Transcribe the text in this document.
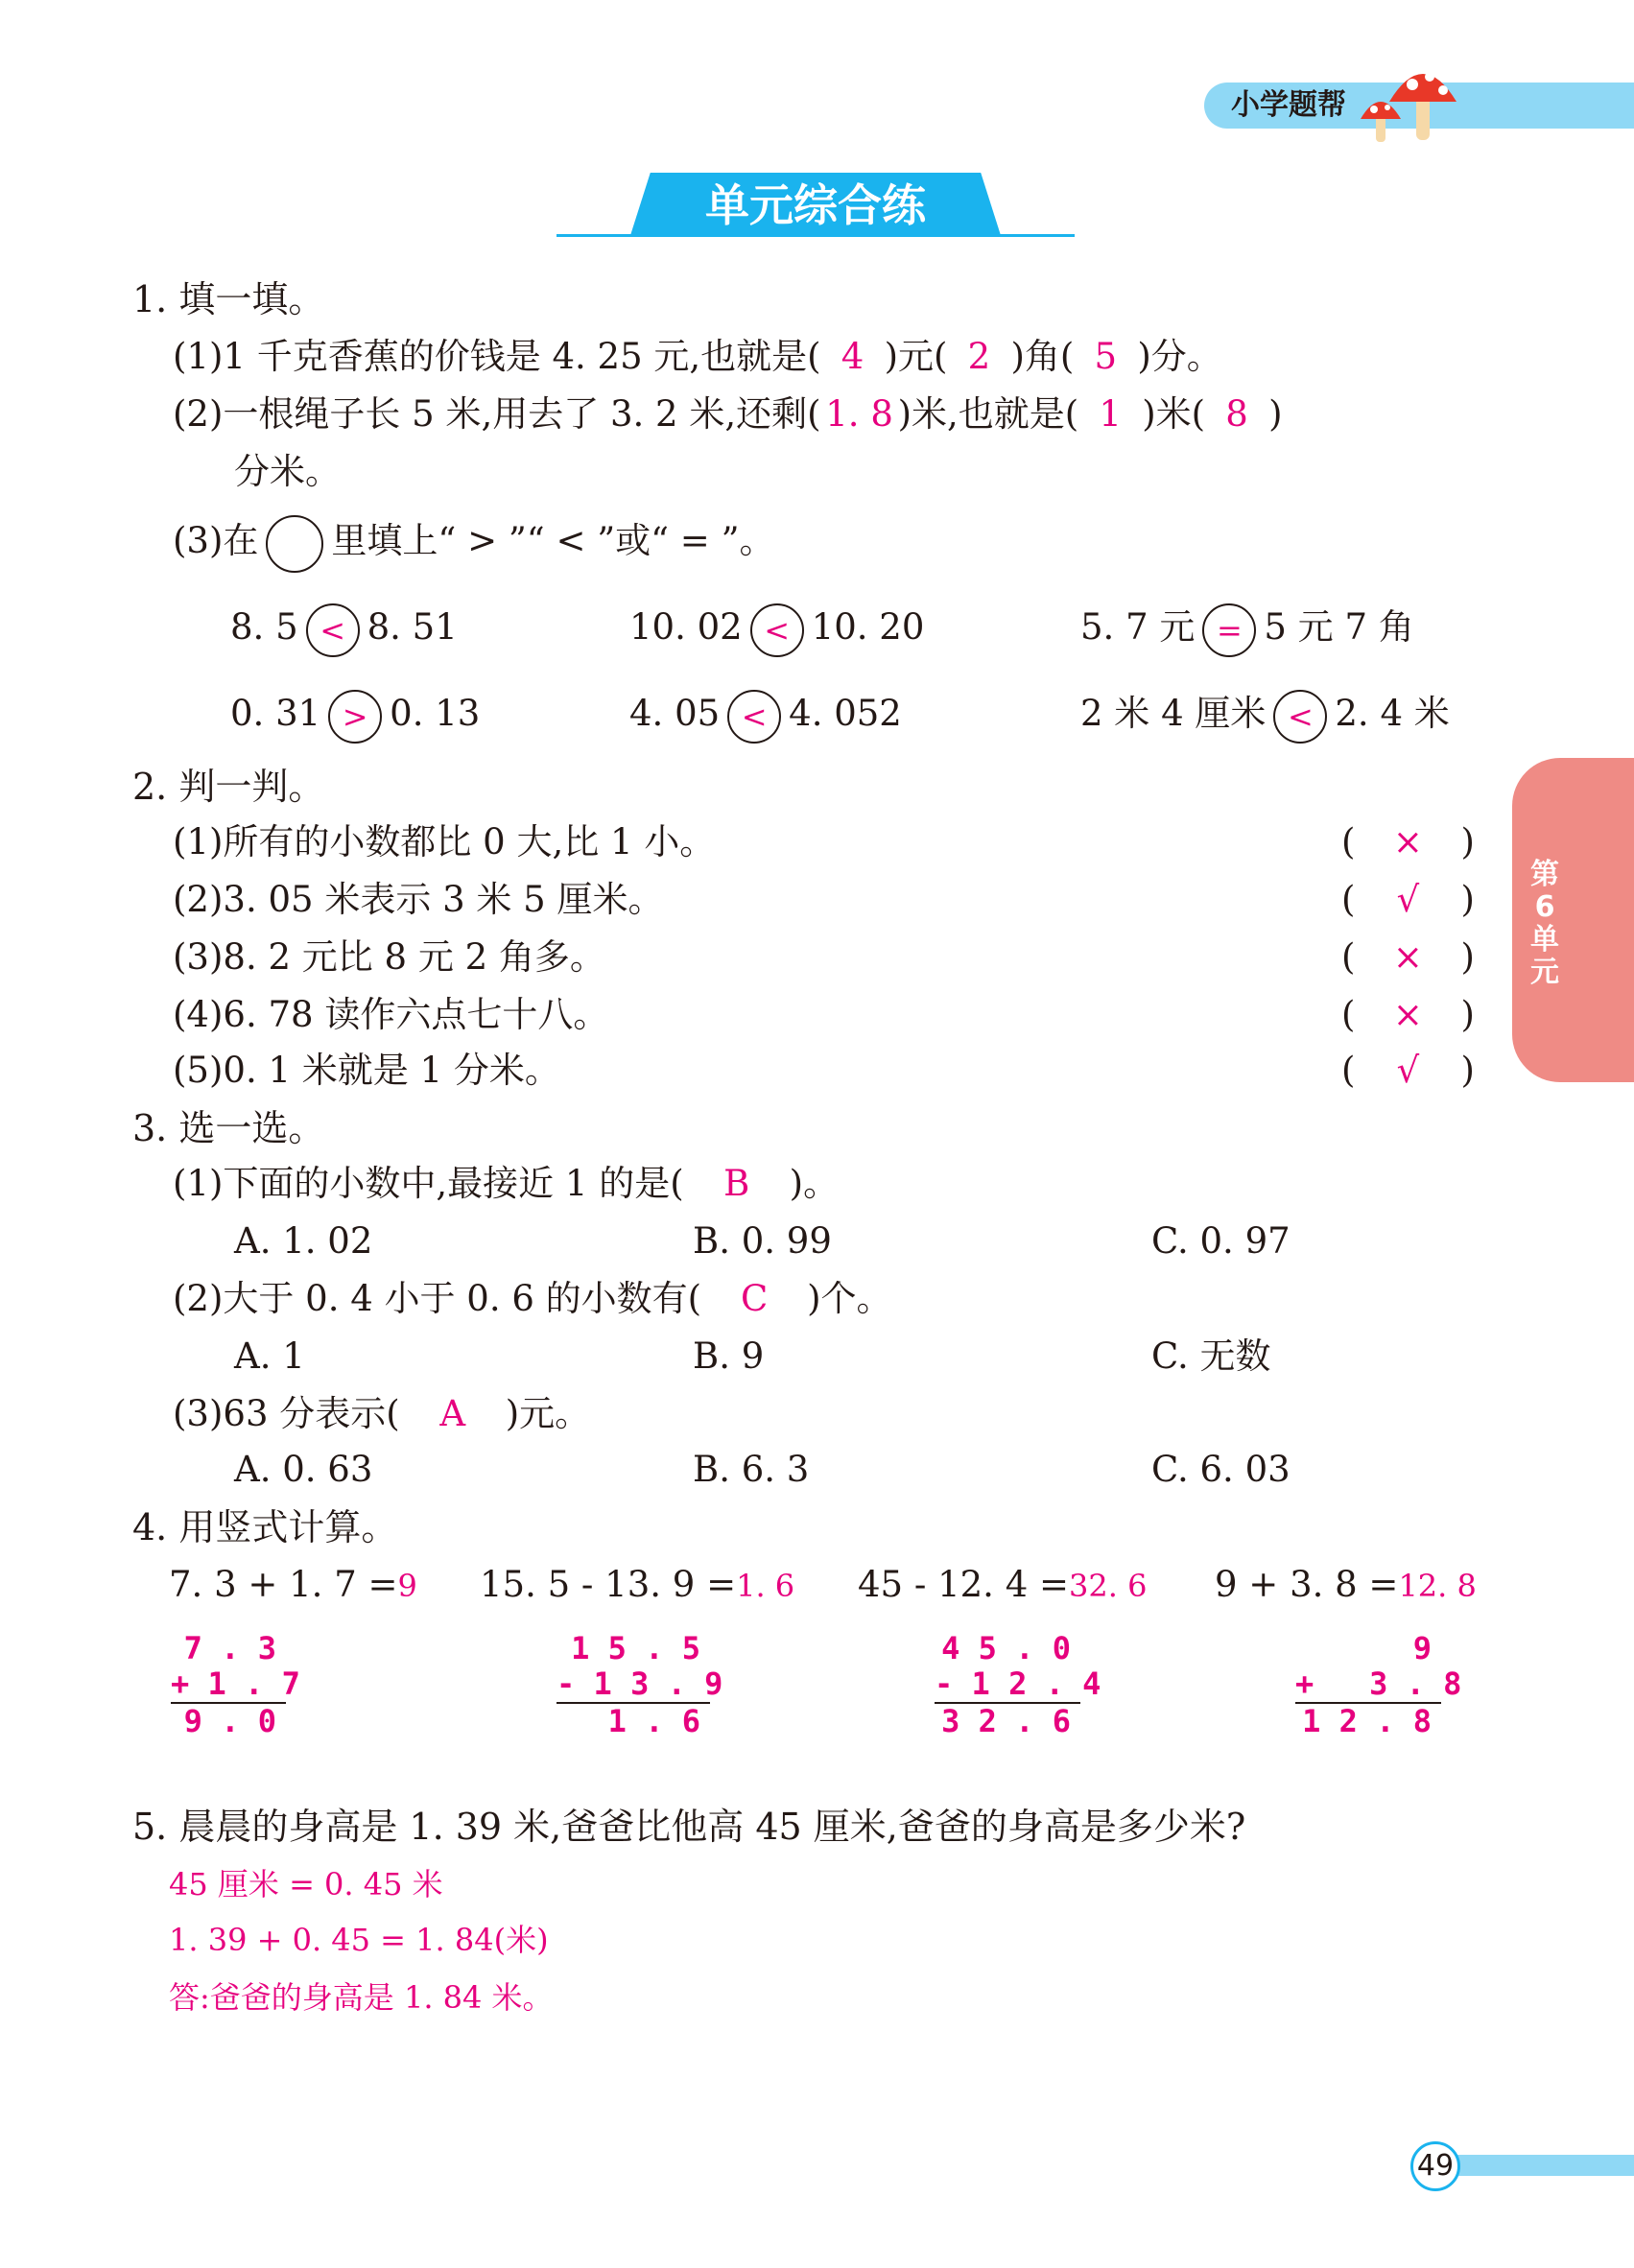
小学题帮
单元综合练
第6单元
1. 填一填。
(1)1 千克香蕉的价钱是 4. 25 元,也就是( 4 )元( 2 )角( 5 )分。
(2)一根绳子长 5 米,用去了 3. 2 米,还剩( 1. 8 )米,也就是( 1 )米( 8 )
分米。
(3)在 里填上“ > ”“ < ”或“ = ”。
8. 5 < 8. 51	10. 02 < 10. 20	5. 7 元 = 5 元 7 角
0. 31 > 0. 13	4. 05 < 4. 052	2 米 4 厘米 < 2. 4 米
2. 判一判。
(1)所有的小数都比 0 大,比 1 小。	( × )
(2)3. 05 米表示 3 米 5 厘米。	( √ )
(3)8. 2 元比 8 元 2 角多。	( × )
(4)6. 78 读作六点七十八。	( × )
(5)0. 1 米就是 1 分米。	( √ )
3. 选一选。
(1)下面的小数中,最接近 1 的是( B )。
A. 1. 02	B. 0. 99	C. 0. 97
(2)大于 0. 4 小于 0. 6 的小数有( C )个。
A. 1	B. 9	C. 无数
(3)63 分表示( A )元。
A. 0. 63	B. 6. 3	C. 6. 03
4. 用竖式计算。
7. 3 + 1. 7 =9 15. 5 - 13. 9 =1. 6 45 - 12. 4 =32. 6 9 + 3. 8 =12. 8
7 . 3
+ 1 . 7
9 . 0
1 5 . 5
- 1 3 . 9
1 . 6
4 5 . 0
- 1 2 . 4
3 2 . 6
9
+   3 . 8
1 2 . 8
5. 晨晨的身高是 1. 39 米,爸爸比他高 45 厘米,爸爸的身高是多少米?
45 厘米 = 0. 45 米
1. 39 + 0. 45 = 1. 84(米)
答:爸爸的身高是 1. 84 米。
49
